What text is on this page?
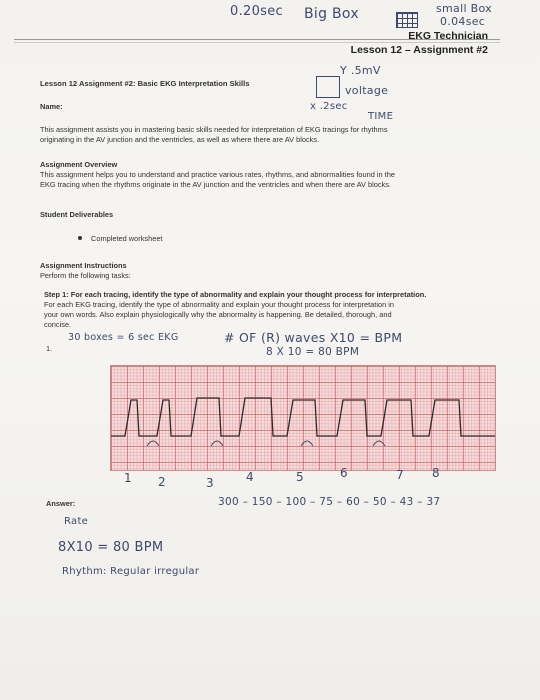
0.20sec Big Box	small Box
0.04sec
EKG Technician
Lesson 12 – Assignment #2
Lesson 12 Assignment #2: Basic EKG Interpretation Skills
Y .5mV
voltage
x .2sec
TIME
Name:
This assignment assists you in mastering basic skills needed for interpretation of EKG tracings for rhythms
originating in the AV junction and the ventricles, as well as where there are AV blocks.
Assignment Overview
This assignment helps you to understand and practice various rates, rhythms, and abnormalities found in the
EKG tracing when the rhythms originate in the AV junction and the ventricles and when there are AV blocks.
Student Deliverables
Completed worksheet
Assignment Instructions
Perform the following tasks:
Step 1: For each tracing, identify the type of abnormality and explain your thought process for interpretation.
For each EKG tracing, identify the type of abnormality and explain your thought process for interpretation in
your own words. Also explain physiologically why the abnormality is happening. Be detailed, thorough, and
concise.
30 boxes = 6 sec EKG	# OF (R) waves X10 = BPM
8 X 10 = 80 BPM
1.
1 2	3	4	5	6	7 8
Answer:	300 – 150 – 100 – 75 – 60 – 50 – 43 – 37
Rate
8X10 = 80 BPM
Rhythm: Regular irregular
